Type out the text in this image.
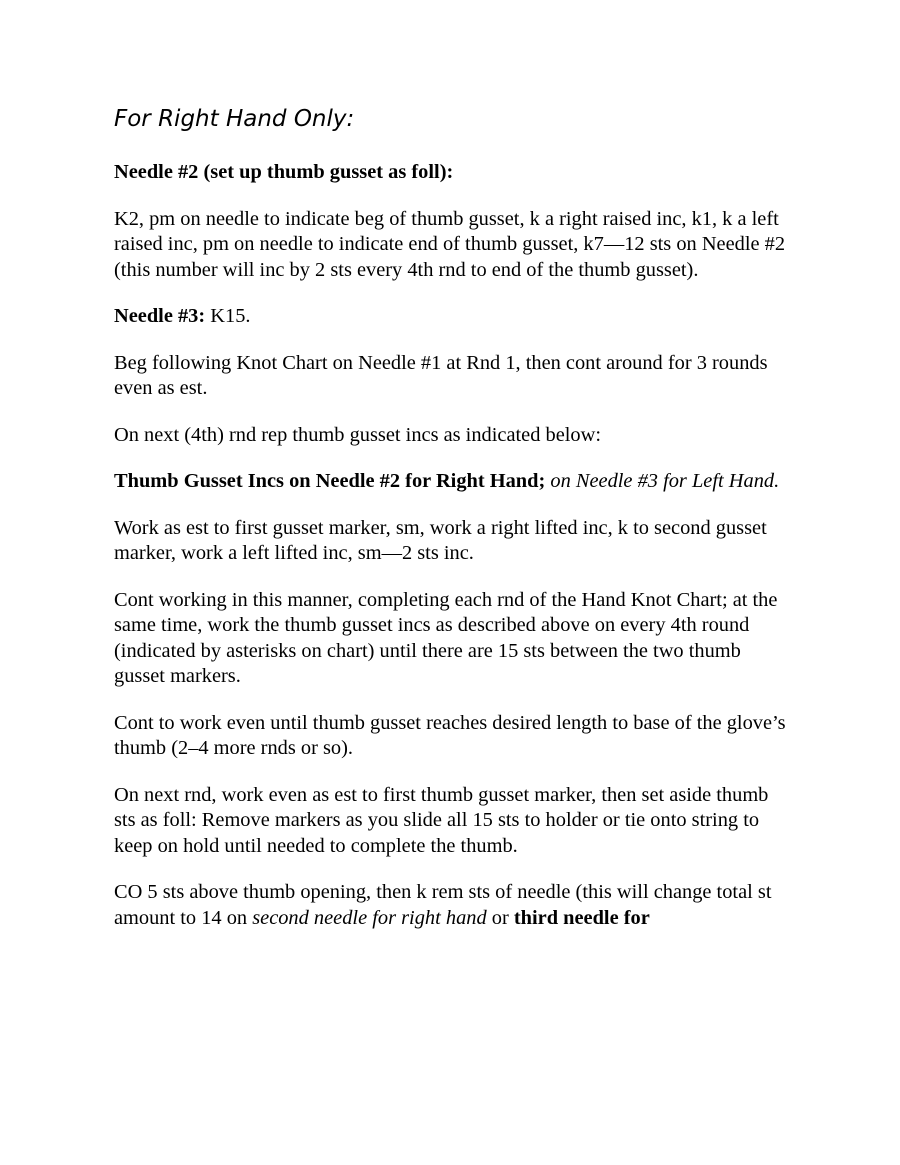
For Right Hand Only:

Needle #2 (set up thumb gusset as foll):

K2, pm on needle to indicate beg of thumb gusset, k a right raised inc, k1, k a left raised inc, pm on needle to indicate end of thumb gusset, k7—12 sts on Needle #2 (this number will inc by 2 sts every 4th rnd to end of the thumb gusset).

Needle #3: K15.

Beg following Knot Chart on Needle #1 at Rnd 1, then cont around for 3 rounds even as est.

On next (4th) rnd rep thumb gusset incs as indicated below:

Thumb Gusset Incs on Needle #2 for Right Hand; on Needle #3 for Left Hand.

Work as est to first gusset marker, sm, work a right lifted inc, k to second gusset marker, work a left lifted inc, sm—2 sts inc.

Cont working in this manner, completing each rnd of the Hand Knot Chart; at the same time, work the thumb gusset incs as described above on every 4th round (indicated by asterisks on chart) until there are 15 sts between the two thumb gusset markers.

Cont to work even until thumb gusset reaches desired length to base of the glove’s thumb (2–4 more rnds or so).

On next rnd, work even as est to first thumb gusset marker, then set aside thumb sts as foll: Remove markers as you slide all 15 sts to holder or tie onto string to keep on hold until needed to complete the thumb.

CO 5 sts above thumb opening, then k rem sts of needle (this will change total st amount to 14 on second needle for right hand or third needle for
